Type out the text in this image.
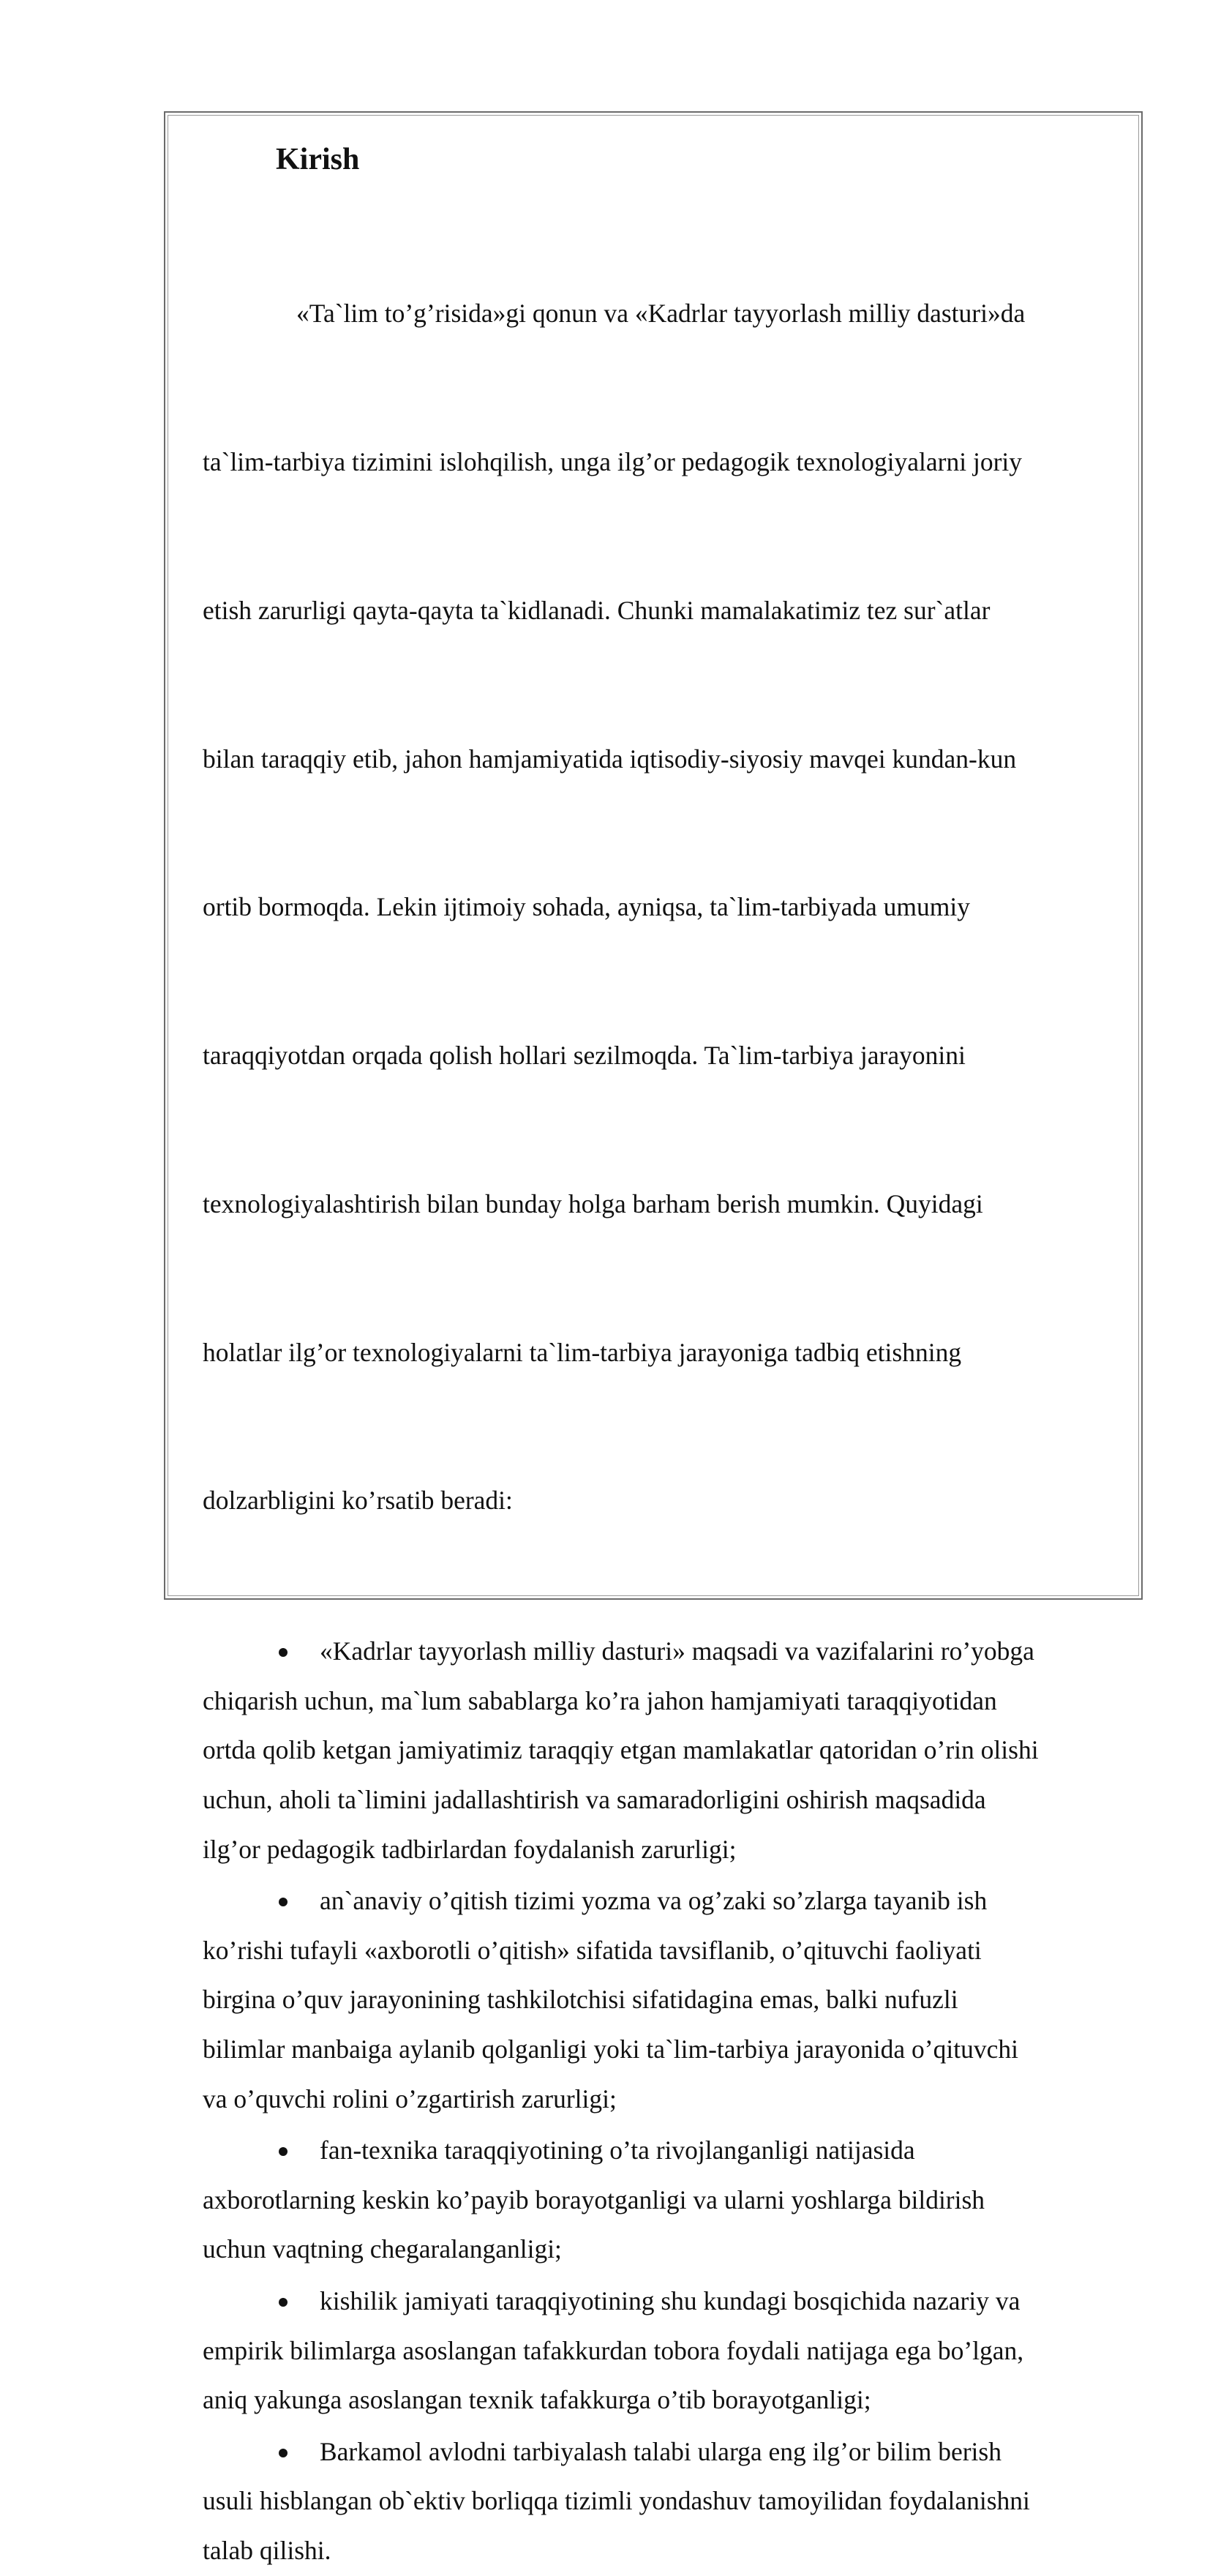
Kirish

«Ta`lim to’g’risida»gi qonun va «Kadrlar tayyorlash milliy dasturi»da

ta`lim-tarbiya tizimini islohqilish, unga ilg’or pedagogik texnologiyalarni joriy

etish zarurligi qayta-qayta ta`kidlanadi. Chunki mamalakatimiz tez sur`atlar

bilan taraqqiy etib, jahon hamjamiyatida iqtisodiy-siyosiy mavqei kundan-kun

ortib bormoqda. Lekin ijtimoiy sohada, ayniqsa, ta`lim-tarbiyada umumiy

taraqqiyotdan orqada qolish hollari sezilmoqda. Ta`lim-tarbiya jarayonini

texnologiyalashtirish bilan bunday holga barham berish mumkin. Quyidagi

holatlar ilg’or texnologiyalarni ta`lim-tarbiya jarayoniga tadbiq etishning

dolzarbligini ko’rsatib beradi:

«Kadrlar tayyorlash milliy dasturi» maqsadi va vazifalarini ro’yobga
chiqarish uchun, ma`lum sabablarga ko’ra jahon hamjamiyati taraqqiyotidan
ortda qolib ketgan jamiyatimiz taraqqiy etgan mamlakatlar qatoridan o’rin olishi
uchun, aholi ta`limini jadallashtirish va samaradorligini oshirish maqsadida
ilg’or pedagogik tadbirlardan foydalanish zarurligi;
an`anaviy o’qitish tizimi yozma va og’zaki so’zlarga tayanib ish
ko’rishi tufayli «axborotli o’qitish» sifatida tavsiflanib, o’qituvchi faoliyati
birgina o’quv jarayonining tashkilotchisi sifatidagina emas, balki nufuzli
bilimlar manbaiga aylanib qolganligi yoki ta`lim-tarbiya jarayonida o’qituvchi
va o’quvchi rolini o’zgartirish zarurligi;
fan-texnika taraqqiyotining o’ta rivojlanganligi natijasida
axborotlarning keskin ko’payib borayotganligi va ularni yoshlarga bildirish
uchun vaqtning chegaralanganligi;
kishilik jamiyati taraqqiyotining shu kundagi bosqichida nazariy va
empirik bilimlarga asoslangan tafakkurdan tobora foydali natijaga ega bo’lgan,
aniq yakunga asoslangan texnik tafakkurga o’tib borayotganligi;
Barkamol avlodni tarbiyalash talabi ularga eng ilg’or bilim berish
usuli hisblangan ob`ektiv borliqqa tizimli yondashuv tamoyilidan foydalanishni
talab qilishi.
